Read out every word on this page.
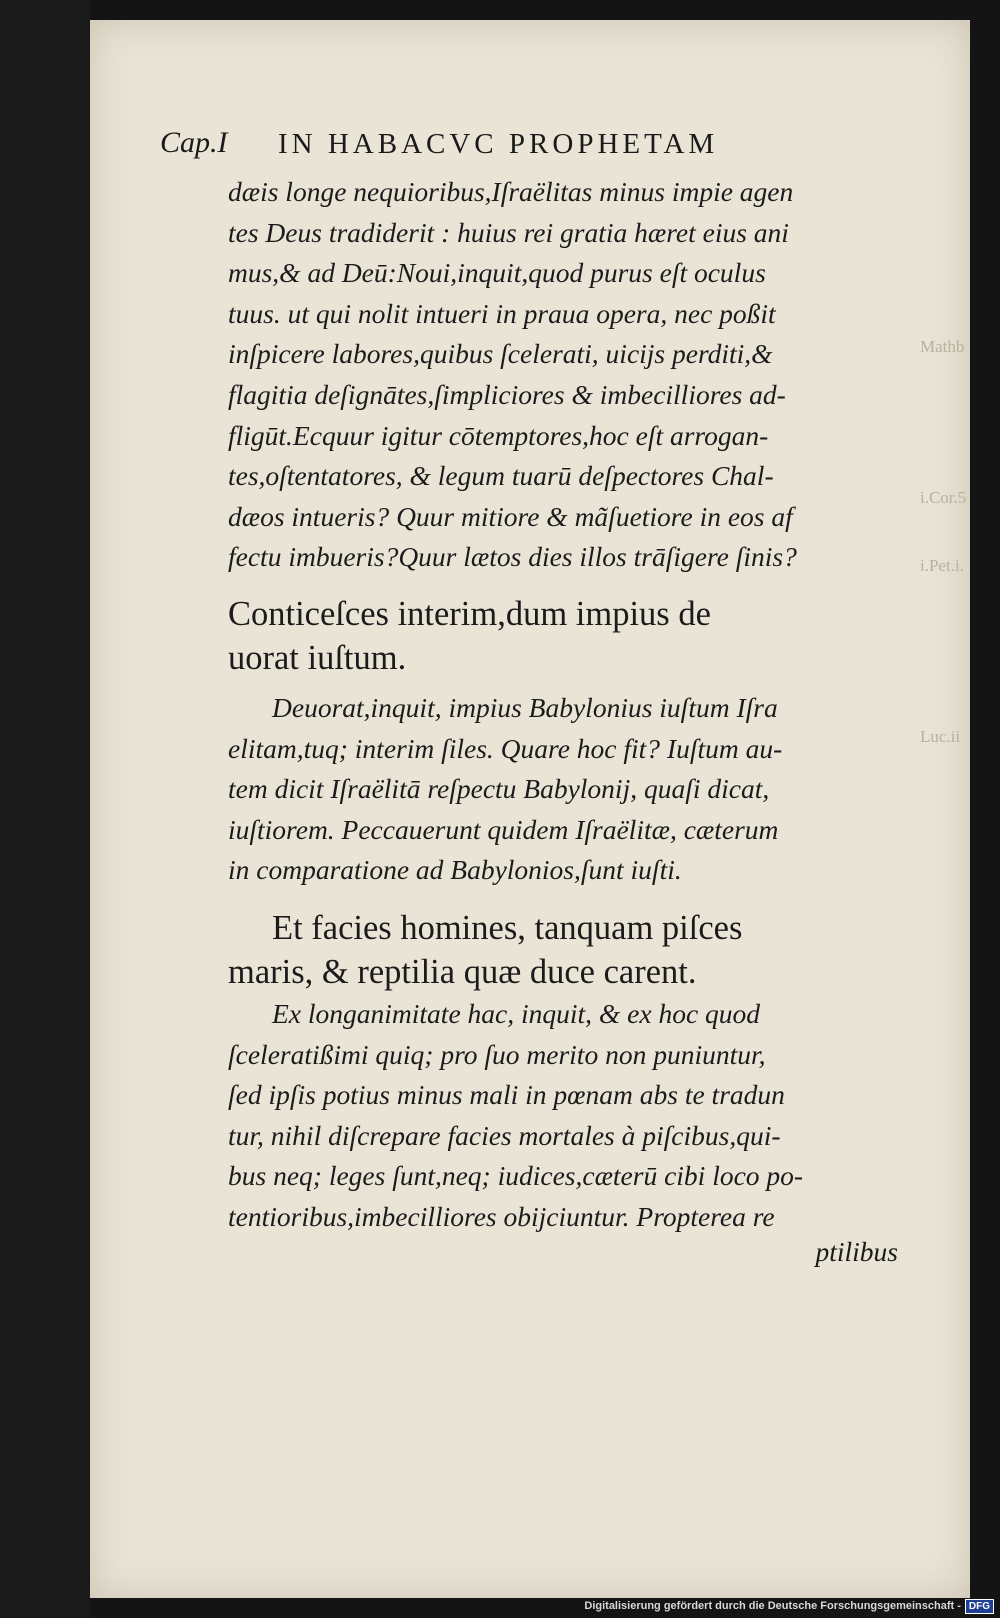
Mathb
i.Cor.5
i.Pet.i.
Luc.ii
Cap.I IN HABACVC PROPHETAM

dæis longe nequioribus,Iſraëlitas minus impie agen

tes Deus tradiderit : huius rei gratia hæret eius ani

mus,& ad Deū:Noui,inquit,quod purus eſt oculus

tuus. ut qui nolit intueri in praua opera, nec poßit

inſpicere labores,quibus ſcelerati, uicijs perditi,&

flagitia deſignātes,ſimpliciores & imbecilliores ad-

fligūt.Ecquur igitur cōtemptores,hoc eſt arrogan-

tes,oſtentatores, & legum tuarū deſpectores Chal-

dæos intueris? Quur mitiore & mãſuetiore in eos af

fectu imbueris?Quur lætos dies illos trāſigere ſinis?

Conticeſces interim,dum impius de

uorat iuſtum.

Deuorat,inquit, impius Babylonius iuſtum Iſra

elitam,tuq; interim ſiles. Quare hoc fit? Iuſtum au-

tem dicit Iſraëlitā reſpectu Babylonij, quaſi dicat,

iuſtiorem. Peccauerunt quidem Iſraëlitæ, cæterum

in comparatione ad Babylonios,ſunt iuſti.

Et facies homines, tanquam piſces

maris, & reptilia quæ duce carent.

Ex longanimitate hac, inquit, & ex hoc quod

ſceleratißimi quiq; pro ſuo merito non puniuntur,

ſed ipſis potius minus mali in pœnam abs te tradun

tur, nihil diſcrepare facies mortales à piſcibus,qui-

bus neq; leges ſunt,neq; iudices,cæterū cibi loco po-

tentioribus,imbecilliores obijciuntur. Propterea re

ptilibus
Digitalisierung gefördert durch die Deutsche Forschungsgemeinschaft - DFG
